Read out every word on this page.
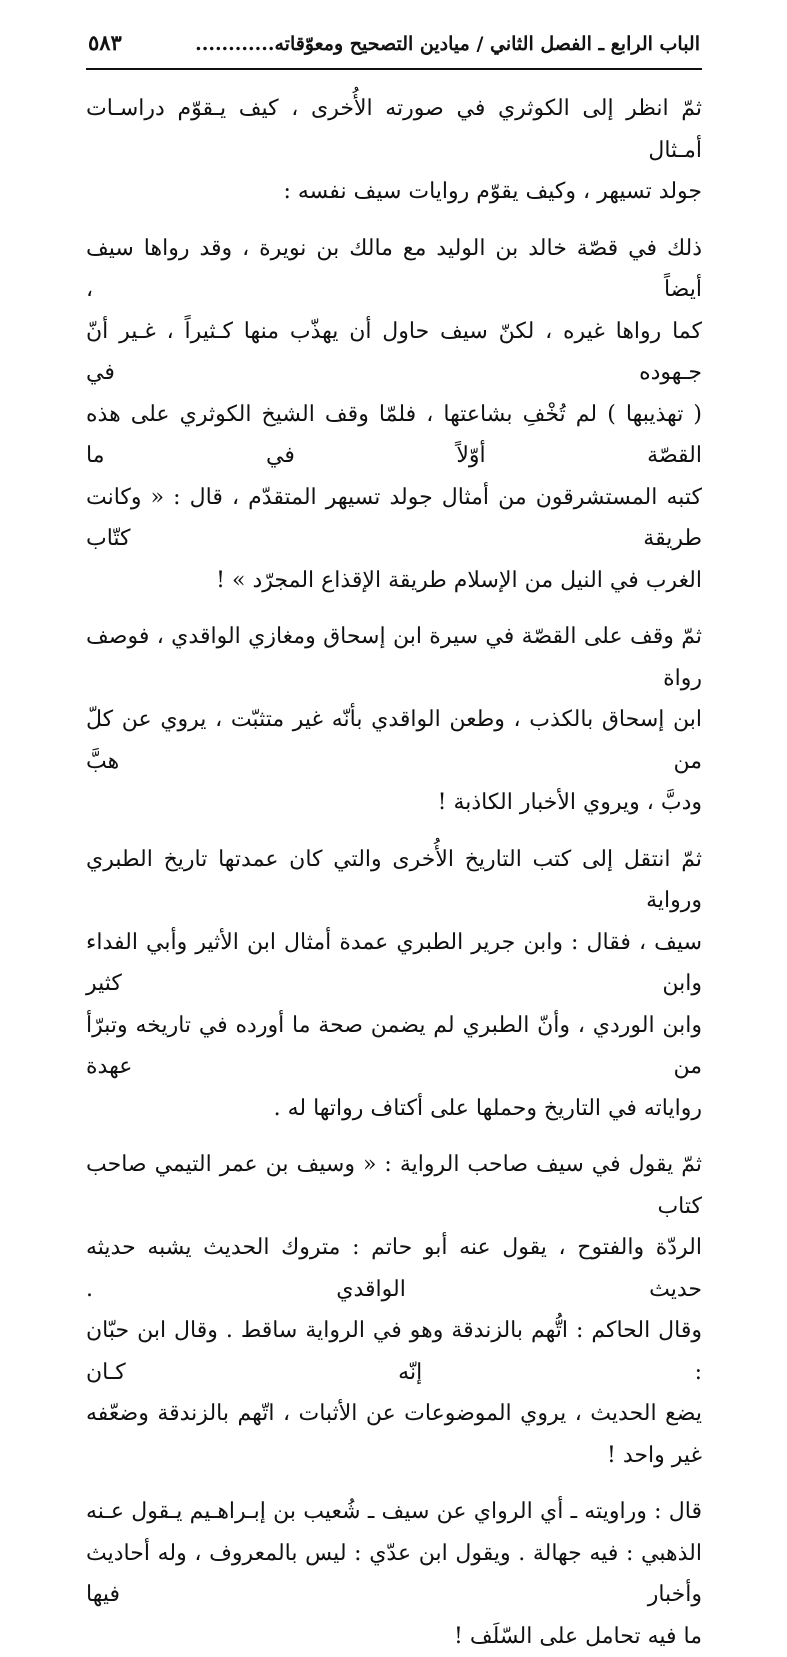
الباب الرابع ـ الفصل الثاني / ميادين التصحيح ومعوّقاته............
٥٨٣

ثمّ انظر إلى الكوثري في صورته الأُخرى ، كيف يـقوّم دراسـات أمـثال
جولد تسيهر ، وكيف يقوّم روايات سيف نفسه :

ذلك في قصّة خالد بن الوليد مع مالك بن نويرة ، وقد رواها سيف أيضاً ،
كما رواها غيره ، لكنّ سيف حاول أن يهذّب منها كـثيراً ، غـير أنّ جـهوده في
( تهذيبها ) لم تُخْفِ بشاعتها ، فلمّا وقف الشيخ الكوثري على هذه القصّة أوّلاً في ما
كتبه المستشرقون من أمثال جولد تسيهر المتقدّم ، قال : « وكانت طريقة كتّاب
الغرب في النيل من الإسلام طريقة الإقذاع المجرّد » !

ثمّ وقف على القصّة في سيرة ابن إسحاق ومغازي الواقدي ، فوصف رواة
ابن إسحاق بالكذب ، وطعن الواقدي بأنّه غير متثبّت ، يروي عن كلّ من هبَّ
ودبَّ ، ويروي الأخبار الكاذبة !

ثمّ انتقل إلى كتب التاريخ الأُخرى والتي كان عمدتها تاريخ الطبري ورواية
سيف ، فقال : وابن جرير الطبري عمدة أمثال ابن الأثير وأبي الفداء وابن كثير
وابن الوردي ، وأنّ الطبري لم يضمن صحة ما أورده في تاريخه وتبرّأ من عهدة
رواياته في التاريخ وحملها على أكتاف رواتها له .

ثمّ يقول في سيف صاحب الرواية : « وسيف بن عمر التيمي صاحب كتاب
الردّة والفتوح ، يقول عنه أبو حاتم : متروك الحديث يشبه حديثه حديث الواقدي .
وقال الحاكم : اتُّهم بالزندقة وهو في الرواية ساقط . وقال ابن حبّان : إنّه كـان
يضع الحديث ، يروي الموضوعات عن الأثبات ، اتّهم بالزندقة وضعّفه غير واحد !

قال : وراويته ـ أي الرواي عن سيف ـ شُعيب بن إبـراهـيم يـقول عـنه
الذهبي : فيه جهالة . ويقول ابن عدّي : ليس بالمعروف ، وله أحاديث وأخبار فيها
ما فيه تحامل على السّلَف !
